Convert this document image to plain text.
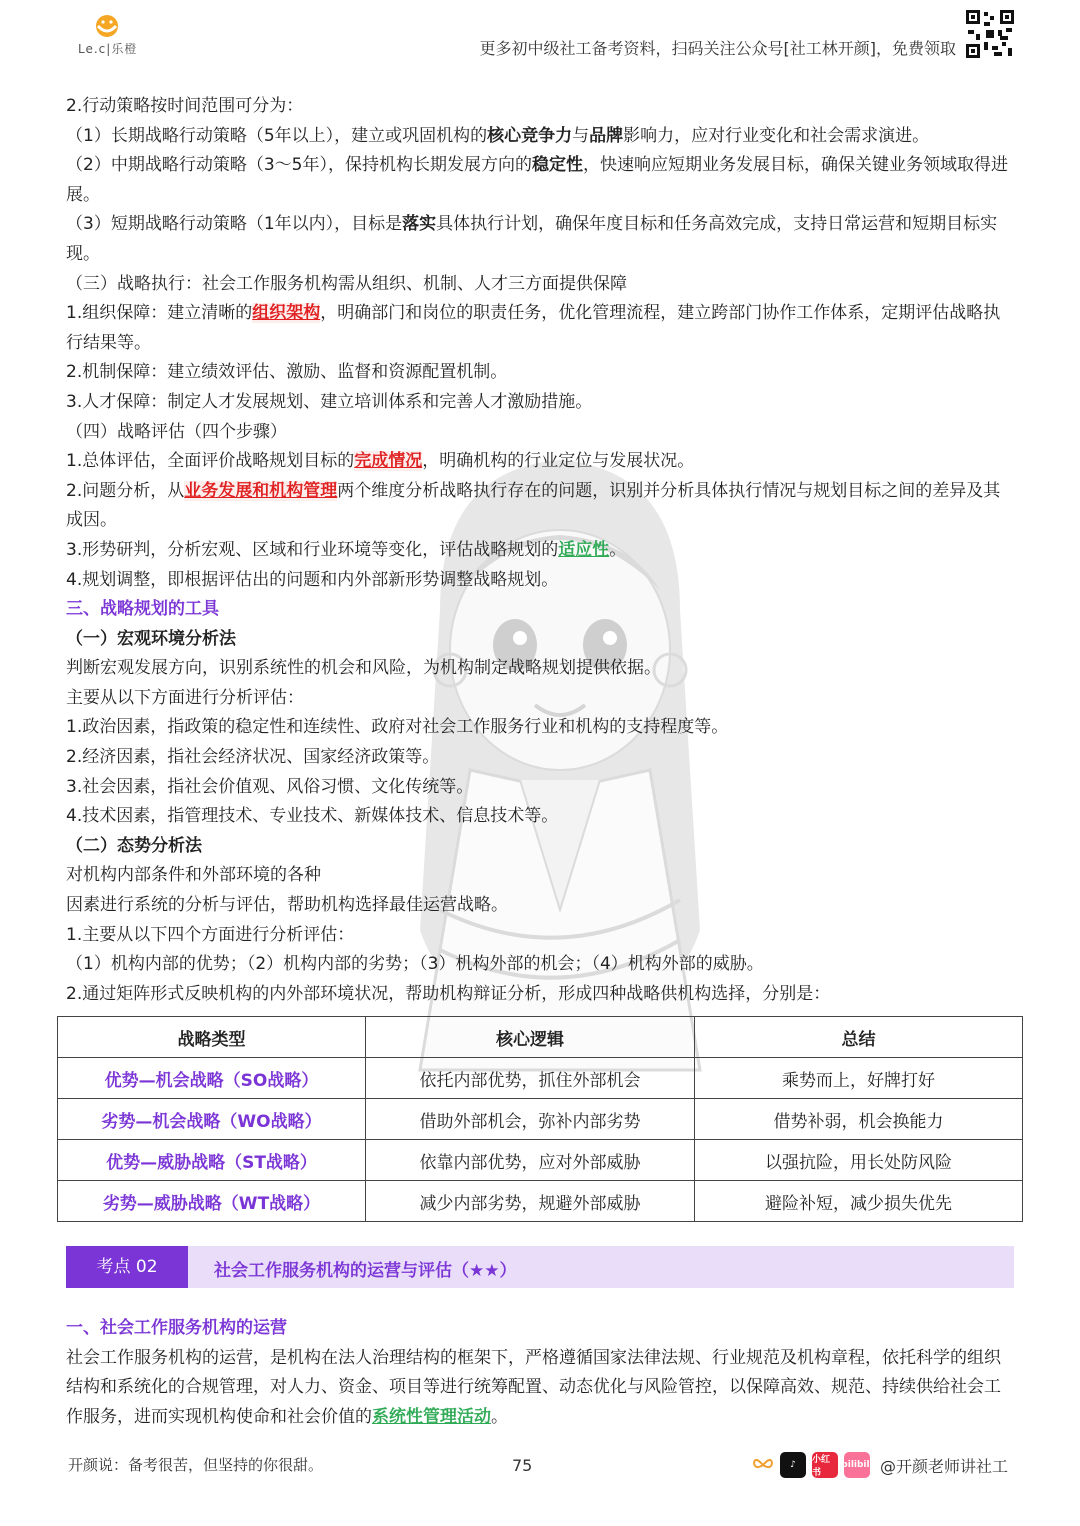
Le.c|乐橙	更多初中级社工备考资料，扫码关注公众号[社工林开颜]，免费领取

2.行动策略按时间范围可分为：

（1）长期战略行动策略（5年以上），建立或巩固机构的核心竞争力与品牌影响力，应对行业变化和社会需求演进。

（2）中期战略行动策略（3～5年），保持机构长期发展方向的稳定性，快速响应短期业务发展目标，确保关键业务领域取得进展。

（3）短期战略行动策略（1年以内），目标是落实具体执行计划，确保年度目标和任务高效完成，支持日常运营和短期目标实现。

（三）战略执行：社会工作服务机构需从组织、机制、人才三方面提供保障

1.组织保障：建立清晰的组织架构，明确部门和岗位的职责任务，优化管理流程，建立跨部门协作工作体系，定期评估战略执行结果等。

2.机制保障：建立绩效评估、激励、监督和资源配置机制。

3.人才保障：制定人才发展规划、建立培训体系和完善人才激励措施。

（四）战略评估（四个步骤）

1.总体评估，全面评价战略规划目标的完成情况，明确机构的行业定位与发展状况。

2.问题分析，从业务发展和机构管理两个维度分析战略执行存在的问题，识别并分析具体执行情况与规划目标之间的差异及其成因。

3.形势研判，分析宏观、区域和行业环境等变化，评估战略规划的适应性。

4.规划调整，即根据评估出的问题和内外部新形势调整战略规划。

三、战略规划的工具

（一）宏观环境分析法

判断宏观发展方向，识别系统性的机会和风险，为机构制定战略规划提供依据。

主要从以下方面进行分析评估：

1.政治因素，指政策的稳定性和连续性、政府对社会工作服务行业和机构的支持程度等。

2.经济因素，指社会经济状况、国家经济政策等。

3.社会因素，指社会价值观、风俗习惯、文化传统等。

4.技术因素，指管理技术、专业技术、新媒体技术、信息技术等。

（二）态势分析法

对机构内部条件和外部环境的各种

因素进行系统的分析与评估，帮助机构选择最佳运营战略。

1.主要从以下四个方面进行分析评估：

（1）机构内部的优势；（2）机构内部的劣势；（3）机构外部的机会；（4）机构外部的威胁。

2.通过矩阵形式反映机构的内外部环境状况，帮助机构辩证分析，形成四种战略供机构选择，分别是：

战略类型	核心逻辑	总结
优势—机会战略（SO战略）	依托内部优势，抓住外部机会	乘势而上，好牌打好
劣势—机会战略（WO战略）	借助外部机会，弥补内部劣势	借势补弱，机会换能力
优势—威胁战略（ST战略）	依靠内部优势，应对外部威胁	以强抗险，用长处防风险
劣势—威胁战略（WT战略）	减少内部劣势，规避外部威胁	避险补短，减少损失优先
考点 02	社会工作服务机构的运营与评估（★★）

一、社会工作服务机构的运营

社会工作服务机构的运营，是机构在法人治理结构的框架下，严格遵循国家法律法规、行业规范及机构章程，依托科学的组织结构和系统化的合规管理，对人力、资金、项目等进行统筹配置、动态优化与风险管控，以保障高效、规范、持续供给社会工作服务，进而实现机构使命和社会价值的系统性管理活动。

开颜说：备考很苦，但坚持的你很甜。	75	♪	小红书
bilibili @开颜老师讲社工
